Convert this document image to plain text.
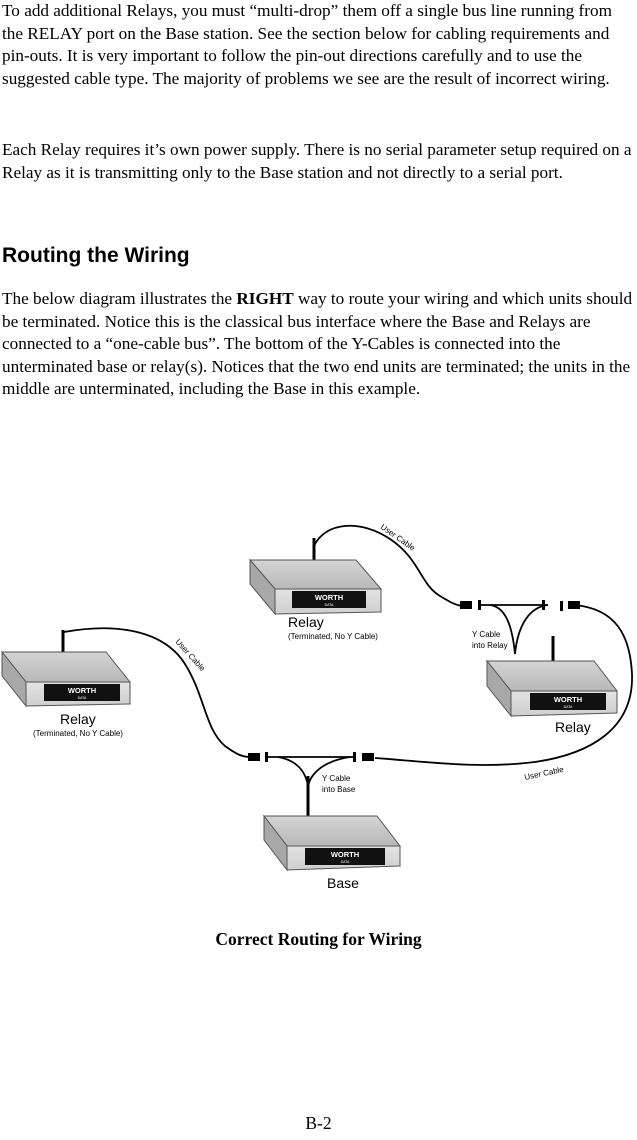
To add additional Relays, you must “multi-drop” them off a single bus line running from the RELAY port on the Base station. See the section below for cabling requirements and pin-outs. It is very important to follow the pin-out directions carefully and to use the suggested cable type. The majority of problems we see are the result of incorrect wiring.

Each Relay requires it’s own power supply. There is no serial parameter setup required on a Relay as it is transmitting only to the Base station and not directly to a serial port.

Routing the Wiring

The below diagram illustrates the RIGHT way to route your wiring and which units should be terminated. Notice this is the classical bus interface where the Base and Relays are connected to a “one-cable bus”. The bottom of the Y-Cables is connected into the unterminated base or relay(s). Notices that the two end units are terminated; the units in the middle are unterminated, including the Base in this example.

WORTH
DATA
Relay
(Terminated, No Y Cable)
WORTH
DATA
Relay
(Terminated, No Y Cable)
WORTH
DATA
Relay
WORTH
DATA
Base
User Cable
User Cable
User Cable
Y Cable
into Relay
Y Cable
into Base

Correct Routing for Wiring

B-2
